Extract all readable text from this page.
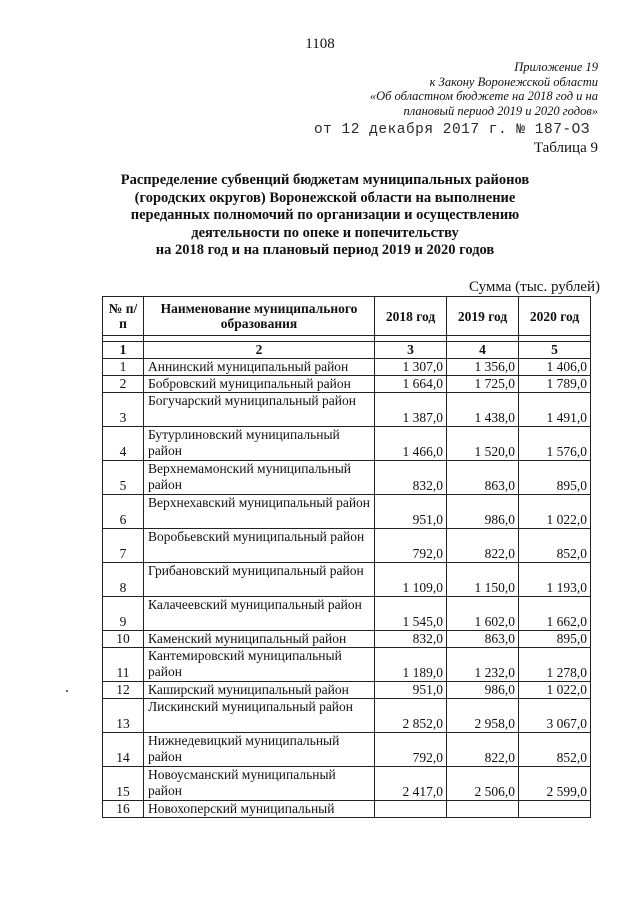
1108
Приложение 19
к Закону Воронежской области
«Об областном бюджете на 2018 год и на
плановый период 2019 и 2020 годов»
от 12 декабря 2017 г. № 187-ОЗ
Таблица 9
Распределение субвенций бюджетам муниципальных районов
(городских округов) Воронежской области на выполнение
переданных полномочий по организации и осуществлению
деятельности по опеке и попечительству
на 2018 год и на плановый период 2019 и 2020 годов
Сумма (тыс. рублей)
№ п/п	Наименование муниципального образования	2018 год	2019 год	2020 год

1	2	3	4	5
1	Аннинский муниципальный район	1 307,0	1 356,0	1 406,0
2	Бобровский муниципальный район	1 664,0	1 725,0	1 789,0
3	Богучарский муниципальный район	1 387,0	1 438,0	1 491,0
4	Бутурлиновский муниципальный район	1 466,0	1 520,0	1 576,0
5	Верхнемамонский муниципальный район	832,0	863,0	895,0
6	Верхнехавский муниципальный район	951,0	986,0	1 022,0
7	Воробьевский муниципальный район	792,0	822,0	852,0
8	Грибановский муниципальный район	1 109,0	1 150,0	1 193,0
9	Калачеевский муниципальный район	1 545,0	1 602,0	1 662,0
10	Каменский муниципальный район	832,0	863,0	895,0
11	Кантемировский муниципальный район	1 189,0	1 232,0	1 278,0
12	Каширский муниципальный район	951,0	986,0	1 022,0
13	Лискинский муниципальный район	2 852,0	2 958,0	3 067,0
14	Нижнедевицкий муниципальный район	792,0	822,0	852,0
15	Новоусманский муниципальный район	2 417,0	2 506,0	2 599,0
16	Новохоперский муниципальный			
